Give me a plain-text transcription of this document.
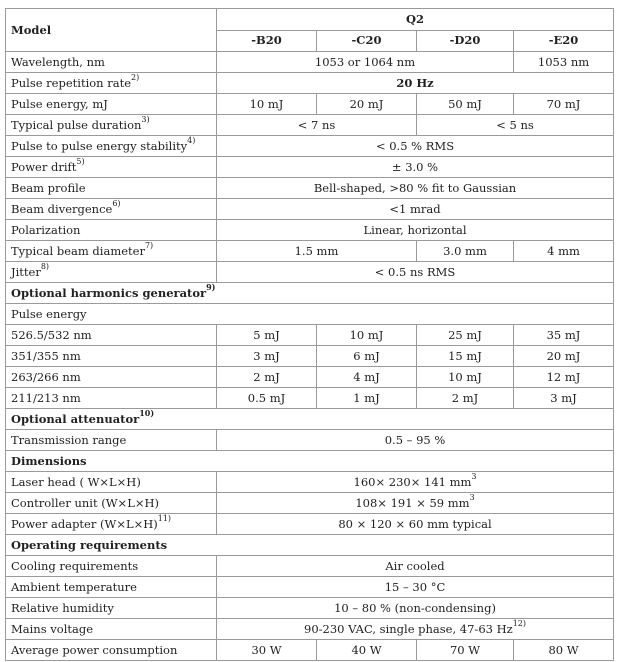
Model	Q2			
	-B20	-C20	-D20	-E20
Wavelength, nm	1053 or 1064 nm			1053 nm
Pulse repetition rate$^{2)}$	20 Hz			
Pulse energy, mJ	10 mJ	20 mJ	50 mJ	70 mJ
Typical pulse duration$^{3)}$	< 7 ns		< 5 ns	
Pulse to pulse energy stability$^{4)}$	< 0.5 % RMS			
Power drift$^{5)}$	± 3.0 %			
Beam profile	Bell-shaped, >80 % fit to Gaussian			
Beam divergence$^{6)}$	<1 mrad			
Polarization	Linear, horizontal			
Typical beam diameter$^{7)}$	1.5 mm		3.0 mm	4 mm
Jitter$^{8)}$	< 0.5 ns RMS			
Optional harmonics generator$^{9)}$
Pulse energy				
526.5/532 nm	5 mJ	10 mJ	25 mJ	35 mJ
351/355 nm	3 mJ	6 mJ	15 mJ	20 mJ
263/266 nm	2 mJ	4 mJ	10 mJ	12 mJ
211/213 nm	0.5 mJ	1 mJ	2 mJ	3 mJ
Optional attenuator$^{10)}$
Transmission range	0.5 – 95 %			
Dimensions				
Laser head ( W×L×H)	160× 230× 141 $mm^3$
Controller unit (W×L×H)	108× 191 × 59 $mm^3$
Power adapter $(W\times L\times H)^{11)}$	80 × 120 × 60 mm typical			
Operating requirements				
Cooling requirements	Air cooled			
Ambient temperature	15 – 30 °C			
Relative humidity	10 – 80 % (non-condensing)			
Mains voltage	90-230 VAC, single phase, 47-63 Hz$^{12)}$
Average power consumption	30 W	40 W	70 W	80 W
